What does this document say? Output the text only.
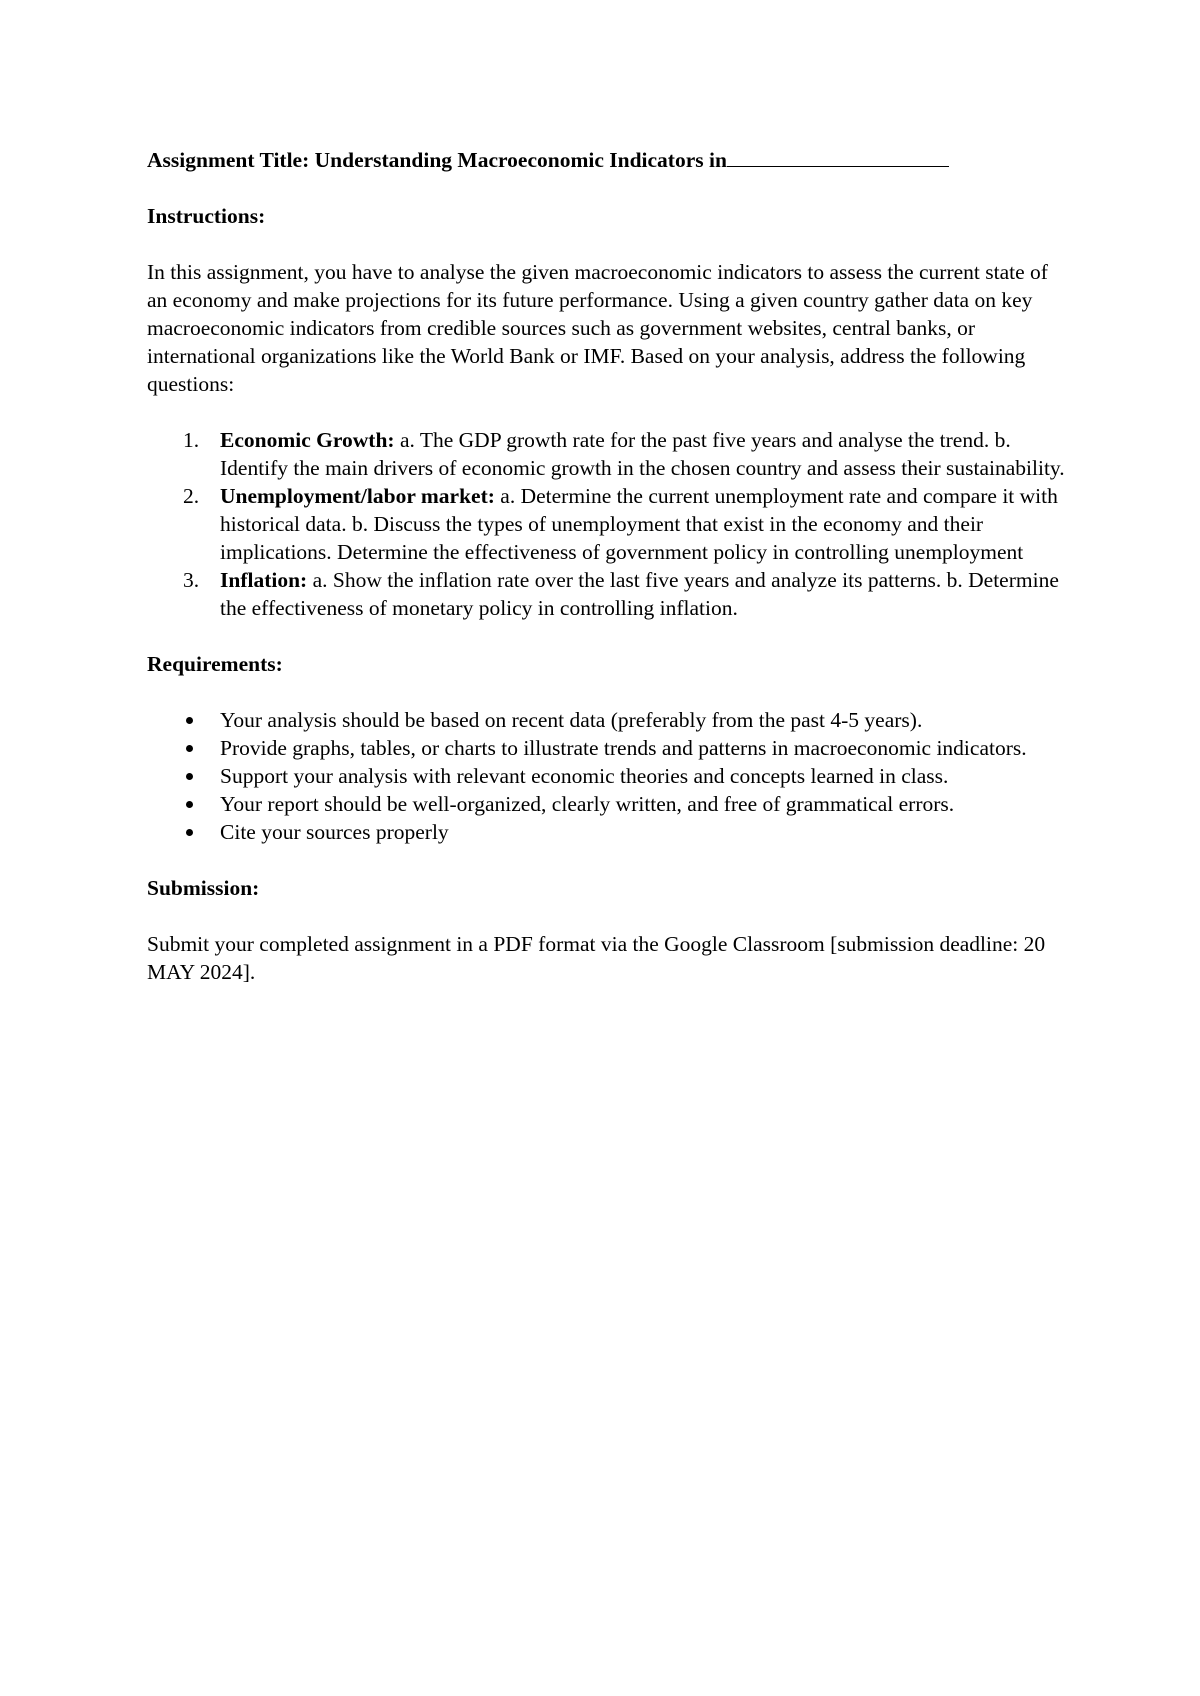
Assignment Title: Understanding Macroeconomic Indicators in

Instructions:

In this assignment, you have to analyse the given macroeconomic indicators to assess the current state of an economy and make projections for its future performance. Using a given country gather data on key macroeconomic indicators from credible sources such as government websites, central banks, or international organizations like the World Bank or IMF. Based on your analysis, address the following questions:

1. Economic Growth: a. The GDP growth rate for the past five years and analyse the trend. b. Identify the main drivers of economic growth in the chosen country and assess their sustainability.
2. Unemployment/labor market: a. Determine the current unemployment rate and compare it with historical data. b. Discuss the types of unemployment that exist in the economy and their implications. Determine the effectiveness of government policy in controlling unemployment
3. Inflation: a. Show the inflation rate over the last five years and analyze its patterns. b. Determine the effectiveness of monetary policy in controlling inflation.

Requirements:

Your analysis should be based on recent data (preferably from the past 4-5 years).
Provide graphs, tables, or charts to illustrate trends and patterns in macroeconomic indicators.
Support your analysis with relevant economic theories and concepts learned in class.
Your report should be well-organized, clearly written, and free of grammatical errors.
Cite your sources properly

Submission:

Submit your completed assignment in a PDF format via the Google Classroom [submission deadline: 20 MAY 2024].
